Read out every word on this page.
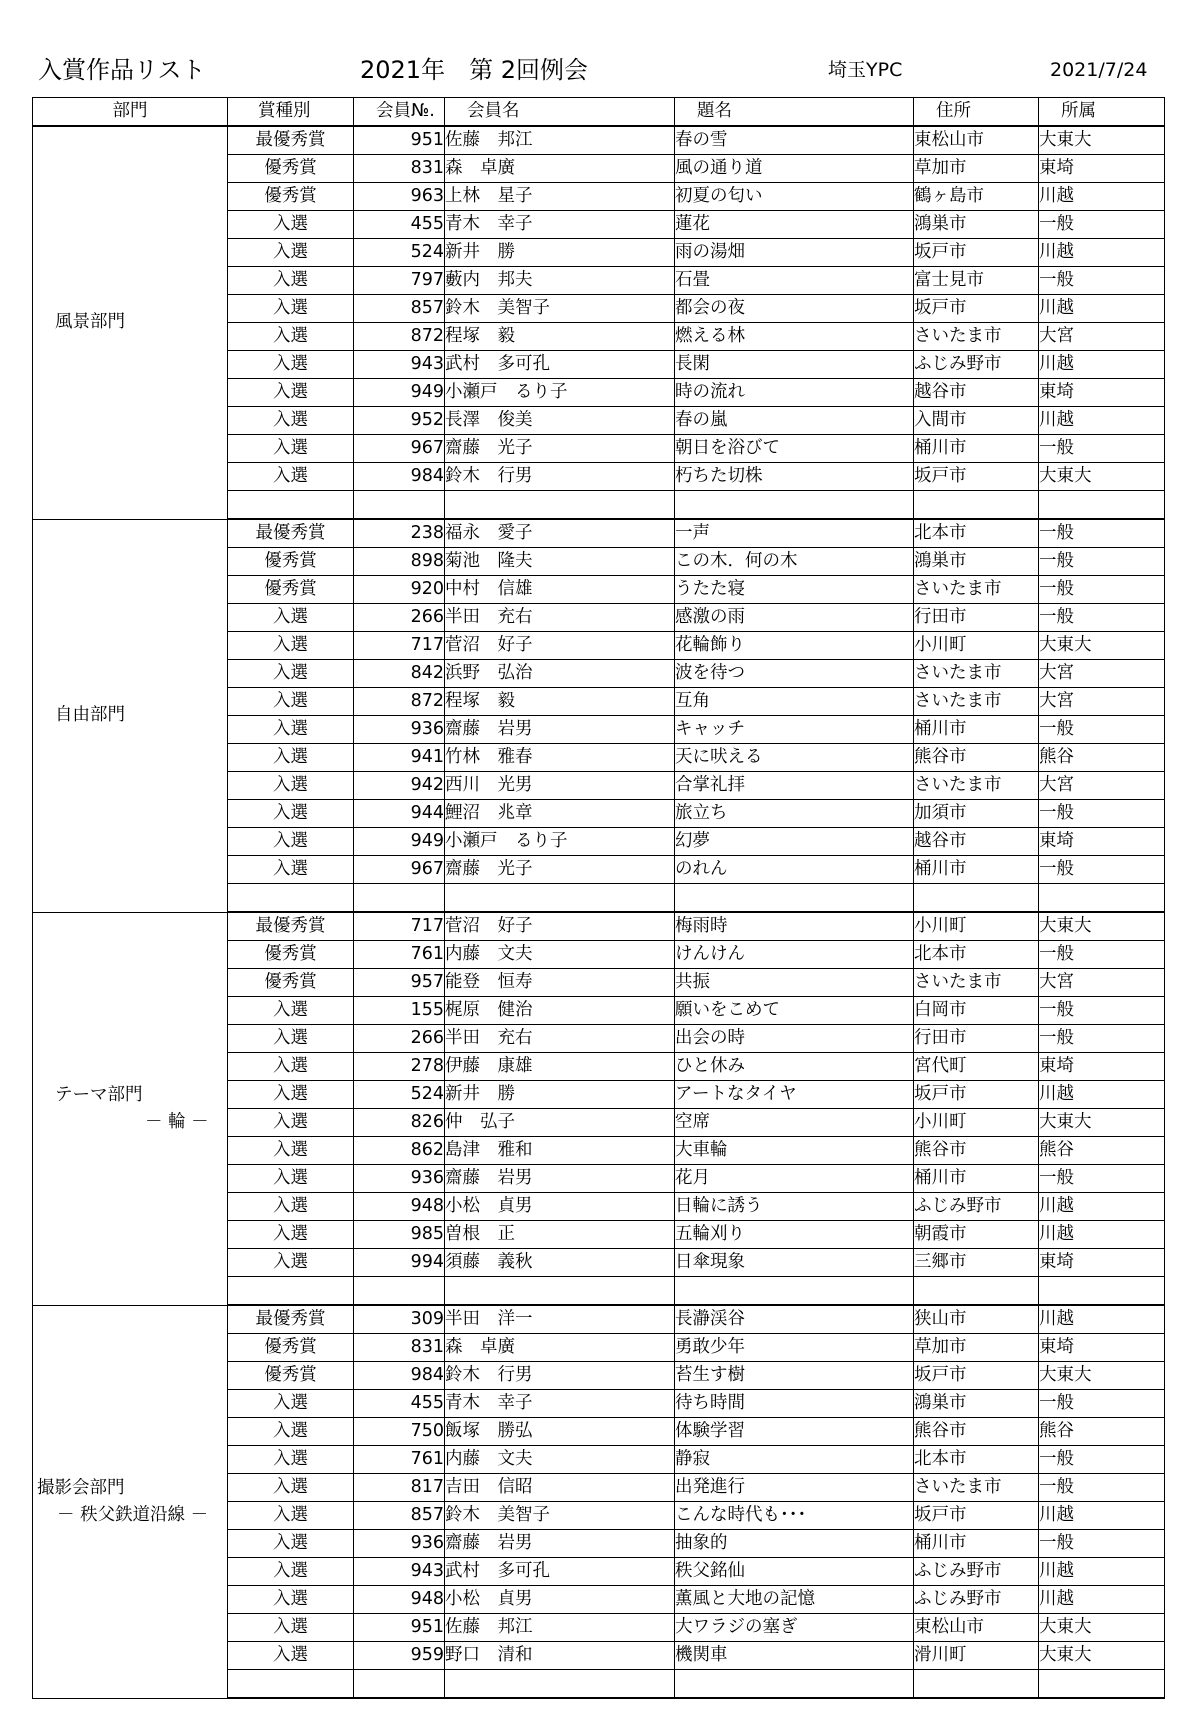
入賞作品リスト	2021年　第 2回例会	埼玉YPC	2021/7/24
部門	賞種別	会員№.	会員名	題名	住所	所属

風景部門	最優秀賞	951	佐藤　邦江	春の雪	東松山市	大東大
	優秀賞	831	森　卓廣	風の通り道	草加市	東埼
	優秀賞	963	上林　星子	初夏の匂い	鶴ヶ島市	川越
	入選	455	青木　幸子	蓮花	鴻巣市	一般
	入選	524	新井　勝	雨の湯畑	坂戸市	川越
	入選	797	藪内　邦夫	石畳	富士見市	一般
	入選	857	鈴木　美智子	都会の夜	坂戸市	川越
	入選	872	程塚　毅	燃える林	さいたま市	大宮
	入選	943	武村　多可孔	長閑	ふじみ野市	川越
	入選	949	小瀬戸　るり子	時の流れ	越谷市	東埼
	入選	952	長澤　俊美	春の嵐	入間市	川越
	入選	967	齋藤　光子	朝日を浴びて	桶川市	一般
	入選	984	鈴木　行男	朽ちた切株	坂戸市	大東大

自由部門	最優秀賞	238	福永　愛子	一声	北本市	一般
	優秀賞	898	菊池　隆夫	この木．何の木	鴻巣市	一般
	優秀賞	920	中村　信雄	うたた寝	さいたま市	一般
	入選	266	半田　充右	感激の雨	行田市	一般
	入選	717	菅沼　好子	花輪飾り	小川町	大東大
	入選	842	浜野　弘治	波を待つ	さいたま市	大宮
	入選	872	程塚　毅	互角	さいたま市	大宮
	入選	936	齋藤　岩男	キャッチ	桶川市	一般
	入選	941	竹林　雅春	天に吠える	熊谷市	熊谷
	入選	942	西川　光男	合掌礼拝	さいたま市	大宮
	入選	944	鯉沼　兆章	旅立ち	加須市	一般
	入選	949	小瀬戸　るり子	幻夢	越谷市	東埼
	入選	967	齋藤　光子	のれん	桶川市	一般

テーマ部門
－ 輪 －	最優秀賞	717	菅沼　好子	梅雨時	小川町	大東大
	優秀賞	761	内藤　文夫	けんけん	北本市	一般
	優秀賞	957	能登　恒寿	共振	さいたま市	大宮
	入選	155	梶原　健治	願いをこめて	白岡市	一般
	入選	266	半田　充右	出会の時	行田市	一般
	入選	278	伊藤　康雄	ひと休み	宮代町	東埼
	入選	524	新井　勝	アートなタイヤ	坂戸市	川越
	入選	826	仲　弘子	空席	小川町	大東大
	入選	862	島津　雅和	大車輪	熊谷市	熊谷
	入選	936	齋藤　岩男	花月	桶川市	一般
	入選	948	小松　貞男	日輪に誘う	ふじみ野市	川越
	入選	985	曽根　正	五輪刈り	朝霞市	川越
	入選	994	須藤　義秋	日傘現象	三郷市	東埼

撮影会部門
－ 秩父鉄道沿線 －	最優秀賞	309	半田　洋一	長瀞渓谷	狭山市	川越
	優秀賞	831	森　卓廣	勇敢少年	草加市	東埼
	優秀賞	984	鈴木　行男	苔生す樹	坂戸市	大東大
	入選	455	青木　幸子	待ち時間	鴻巣市	一般
	入選	750	飯塚　勝弘	体験学習	熊谷市	熊谷
	入選	761	内藤　文夫	静寂	北本市	一般
	入選	817	吉田　信昭	出発進行	さいたま市	一般
	入選	857	鈴木　美智子	こんな時代も･･･	坂戸市	川越
	入選	936	齋藤　岩男	抽象的	桶川市	一般
	入選	943	武村　多可孔	秩父銘仙	ふじみ野市	川越
	入選	948	小松　貞男	薫風と大地の記憶	ふじみ野市	川越
	入選	951	佐藤　邦江	大ワラジの塞ぎ	東松山市	大東大
	入選	959	野口　清和	機関車	滑川町	大東大
